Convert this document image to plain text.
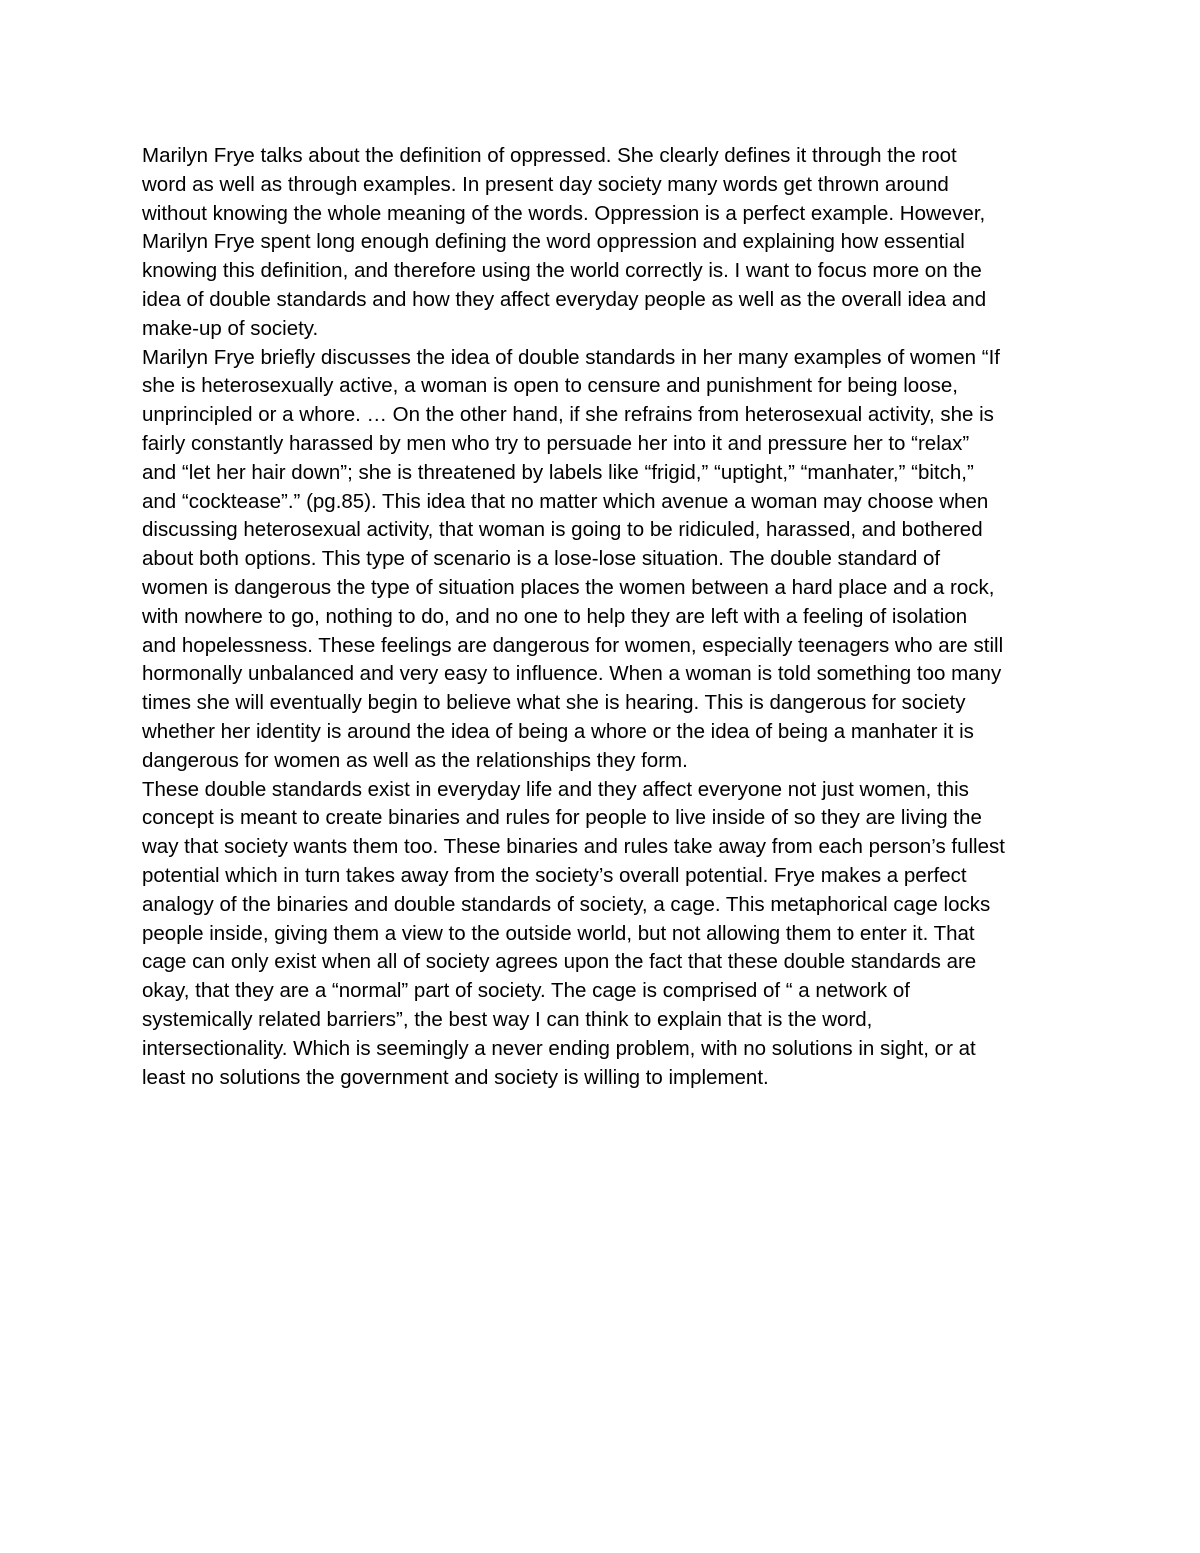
Marilyn Frye talks about the definition of oppressed. She clearly defines it through the root
word as well as through examples. In present day society many words get thrown around
without knowing the whole meaning of the words. Oppression is a perfect example. However,
Marilyn Frye spent long enough defining the word oppression and explaining how essential
knowing this definition, and therefore using the world correctly is. I want to focus more on the
idea of double standards and how they affect everyday people as well as the overall idea and
make-up of society.
Marilyn Frye briefly discusses the idea of double standards in her many examples of women “If
she is heterosexually active, a woman is open to censure and punishment for being loose,
unprincipled or a whore. … On the other hand, if she refrains from heterosexual activity, she is
fairly constantly harassed by men who try to persuade her into it and pressure her to “relax”
and “let her hair down”; she is threatened by labels like “frigid,” “uptight,” “manhater,” “bitch,”
and “cocktease”.” (pg.85). This idea that no matter which avenue a woman may choose when
discussing heterosexual activity, that woman is going to be ridiculed, harassed, and bothered
about both options. This type of scenario is a lose-lose situation. The double standard of
women is dangerous the type of situation places the women between a hard place and a rock,
with nowhere to go, nothing to do, and no one to help they are left with a feeling of isolation
and hopelessness. These feelings are dangerous for women, especially teenagers who are still
hormonally unbalanced and very easy to influence. When a woman is told something too many
times she will eventually begin to believe what she is hearing. This is dangerous for society
whether her identity is around the idea of being a whore or the idea of being a manhater it is
dangerous for women as well as the relationships they form.
These double standards exist in everyday life and they affect everyone not just women, this
concept is meant to create binaries and rules for people to live inside of so they are living the
way that society wants them too. These binaries and rules take away from each person’s fullest
potential which in turn takes away from the society’s overall potential. Frye makes a perfect
analogy of the binaries and double standards of society, a cage. This metaphorical cage locks
people inside, giving them a view to the outside world, but not allowing them to enter it. That
cage can only exist when all of society agrees upon the fact that these double standards are
okay, that they are a “normal” part of society. The cage is comprised of “ a network of
systemically related barriers”, the best way I can think to explain that is the word,
intersectionality. Which is seemingly a never ending problem, with no solutions in sight, or at
least no solutions the government and society is willing to implement.
